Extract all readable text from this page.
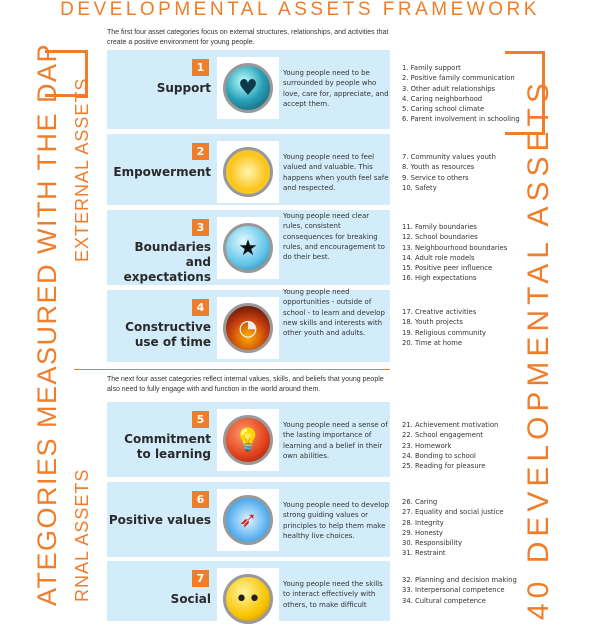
DEVELOPMENTAL ASSETS FRAMEWORK
ATEGORIES MEASURED WITH THE DAP EXTERNAL ASSETS
RNAL ASSETS	40 DEVELOPMENTAL ASSETS
The first four asset categories focus on external structures, relationships, and activities that create a positive environment for young people.
The next four asset categories reflect internal values, skills, and beliefs that young people also need to fully engage with and function in the world around them.
1
Support	♥
Young people need to be surrounded by people who love, care for, appreciate, and accept them.
1. Family support
2. Positive family communication
3. Other adult relationships
4. Caring neighborhood
5. Caring school climate
6. Parent involvement in schooling
2
Empowerment
Young people need to feel valued and valuable. This happens when youth feel safe and respected.
7. Community values youth
8. Youth as resources
9. Service to others
10. Safety
3
Boundaries and expectations
★
Young people need clear rules, consistent consequences for breaking rules, and encouragement to do their best.
11. Family boundaries
12. School boundaries
13. Neighbourhood boundaries
14. Adult role models
15. Positive peer influence
16. High expectations
4
Constructive use of time
◔
Young people need opportunities - outside of school - to learn and develop new skills and interests with other youth and adults.
17. Creative activities
18. Youth projects
19. Religious community
20. Time at home
5
Commitment to learning
💡
Young people need a sense of the lasting importance of learning and a belief in their own abilities.
21. Achievement motivation
22. School engagement
23. Homework
24. Bonding to school
25. Reading for pleasure
6
Positive values	➶
Young people need to develop strong guiding values or principles to help them make healthy live choices.
26. Caring
27. Equality and social justice
28. Integrity
29. Honesty
30. Responsibility
31. Restraint
7
Social	••
Young people need the skills to interact effectively with others, to make difficult
32. Planning and decision making
33. Interpersonal competence
34. Cultural competence
